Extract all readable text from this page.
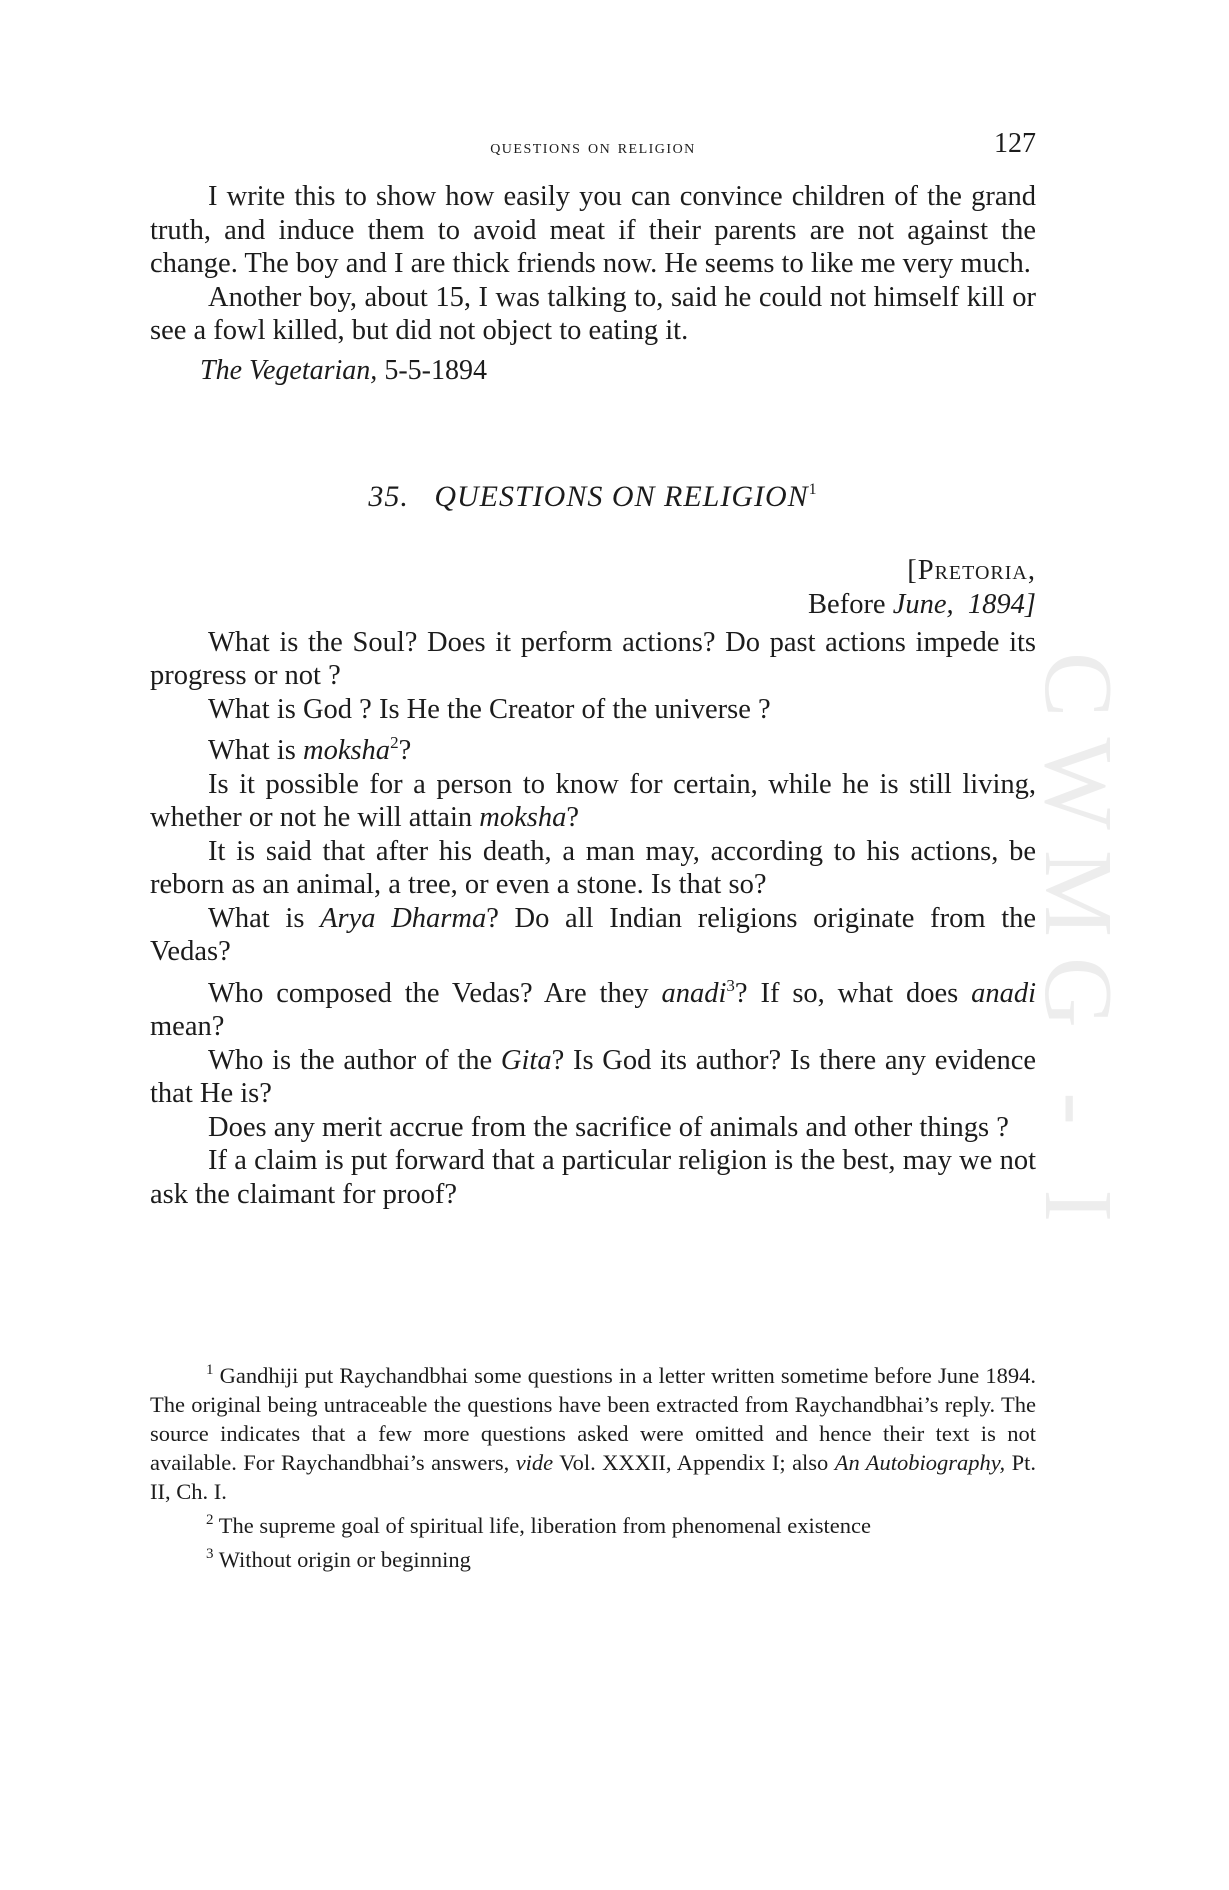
questions on religion	127

I write this to show how easily you can convince children of the grand truth, and induce them to avoid meat if their parents are not against the change. The boy and I are thick friends now. He seems to like me very much.

Another boy, about 15, I was talking to, said he could not himself kill or see a fowl killed, but did not object to eating it.

The Vegetarian, 5-5-1894
35. QUESTIONS ON RELIGION$^1$
[Pretoria,
Before June, 1894]

What is the Soul? Does it perform actions? Do past actions impede its progress or not ?

What is God ? Is He the Creator of the universe ?

What is moksha$^2$?

Is it possible for a person to know for certain, while he is still living, whether or not he will attain moksha?

It is said that after his death, a man may, according to his actions, be reborn as an animal, a tree, or even a stone. Is that so?

What is Arya Dharma? Do all Indian religions originate from the Vedas?

Who composed the Vedas? Are they anadi$^3$? If so, what does anadi mean?

Who is the author of the Gita? Is God its author? Is there any evidence that He is?

Does any merit accrue from the sacrifice of animals and other things ?

If a claim is put forward that a particular religion is the best, may we not ask the claimant for proof?

$^1$ Gandhiji put Raychandbhai some questions in a letter written sometime before June 1894. The original being untraceable the questions have been extracted from Raychandbhai’s reply. The source indicates that a few more questions asked were omitted and hence their text is not available. For Raychandbhai’s answers, vide Vol. XXXII, Appendix I; also An Autobiography, Pt. II, Ch. I.

$^2$ The supreme goal of spiritual life, liberation from phenomenal existence

$^3$ Without origin or beginning

CWMG - I
